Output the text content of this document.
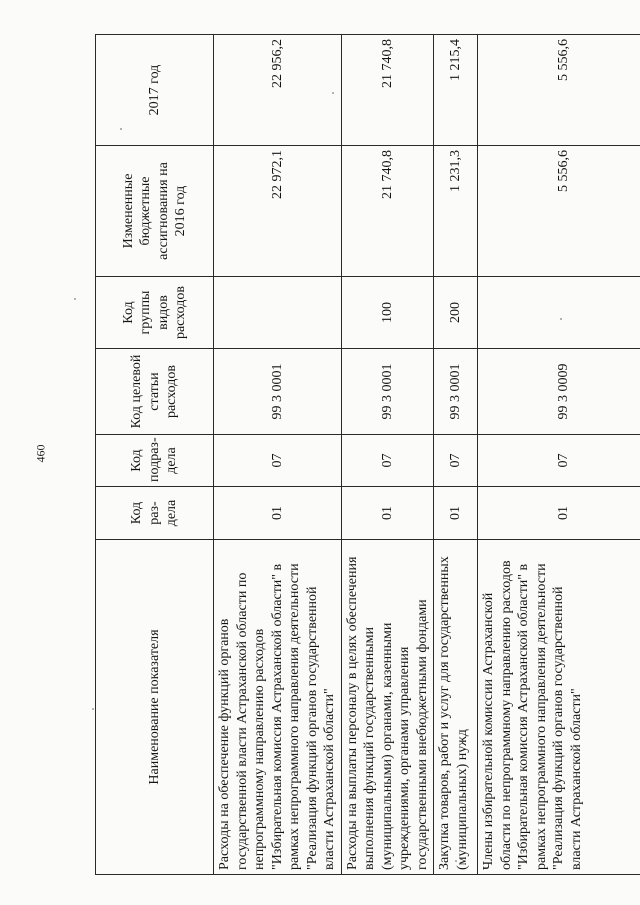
460
Наименование показателя	Код раз-дела	Код подраз-дела	Код целевой статьи расходов	Код группы видов расходов	Измененные бюджетные ассигнования на 2016 год	2017 год
Расходы на обеспечение функций органов государственной власти Астраханской области по непрограммному направлению расходов "Избирательная комиссия Астраханской области" в рамках непрограммного направления деятельности "Реализация функций органов государственной власти Астраханской области"	01	07	99 3 0001		22 972,1	22 956,2
Расходы на выплаты персоналу в целях обеспечения выполнения функций государственными (муниципальными) органами, казенными учреждениями, органами управления государственными внебюджетными фондами	01	07	99 3 0001	100	21 740,8	21 740,8
Закупка товаров, работ и услуг для государственных (муниципальных) нужд	01	07	99 3 0001	200	1 231,3	1 215,4
Члены избирательной комиссии Астраханской области по непрограммному направлению расходов "Избирательная комиссия Астраханской области" в рамках непрограммного направления деятельности "Реализация функций органов государственной власти Астраханской области"	01	07	99 3 0009		5 556,6	5 556,6
